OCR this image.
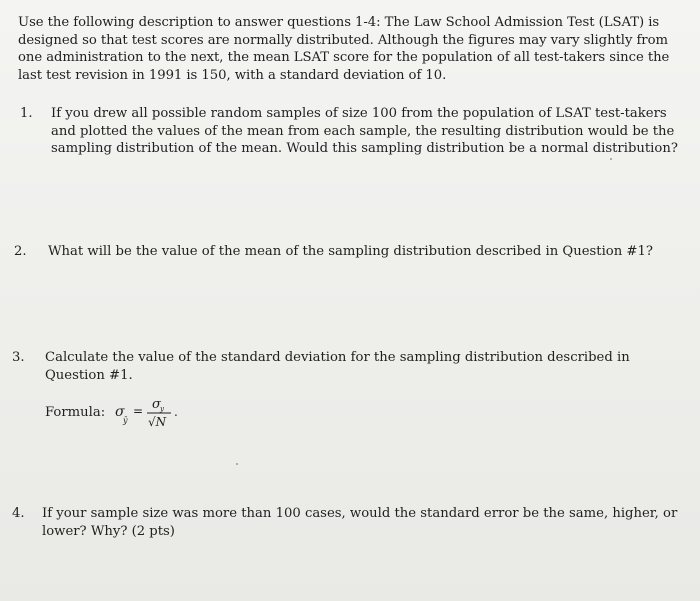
Use the following description to answer questions 1-4: The Law School Admission Test (LSAT) is designed so that test scores are normally distributed. Although the figures may vary slightly from one administration to the next, the mean LSAT score for the population of all test-takers since the last test revision in 1991 is 150, with a standard deviation of 10.
1. If you drew all possible random samples of size 100 from the population of LSAT test-takers and plotted the values of the mean from each sample, the resulting distribution would be the sampling distribution of the mean. Would this sampling distribution be a normal distribution?
2. What will be the value of the mean of the sampling distribution described in Question #1?
3. Calculate the value of the standard deviation for the sampling distribution described in Question #1.
Formula: σ
ȳ
= σ y
√N
.
4. If your sample size was more than 100 cases, would the standard error be the same, higher, or lower? Why? (2 pts)
